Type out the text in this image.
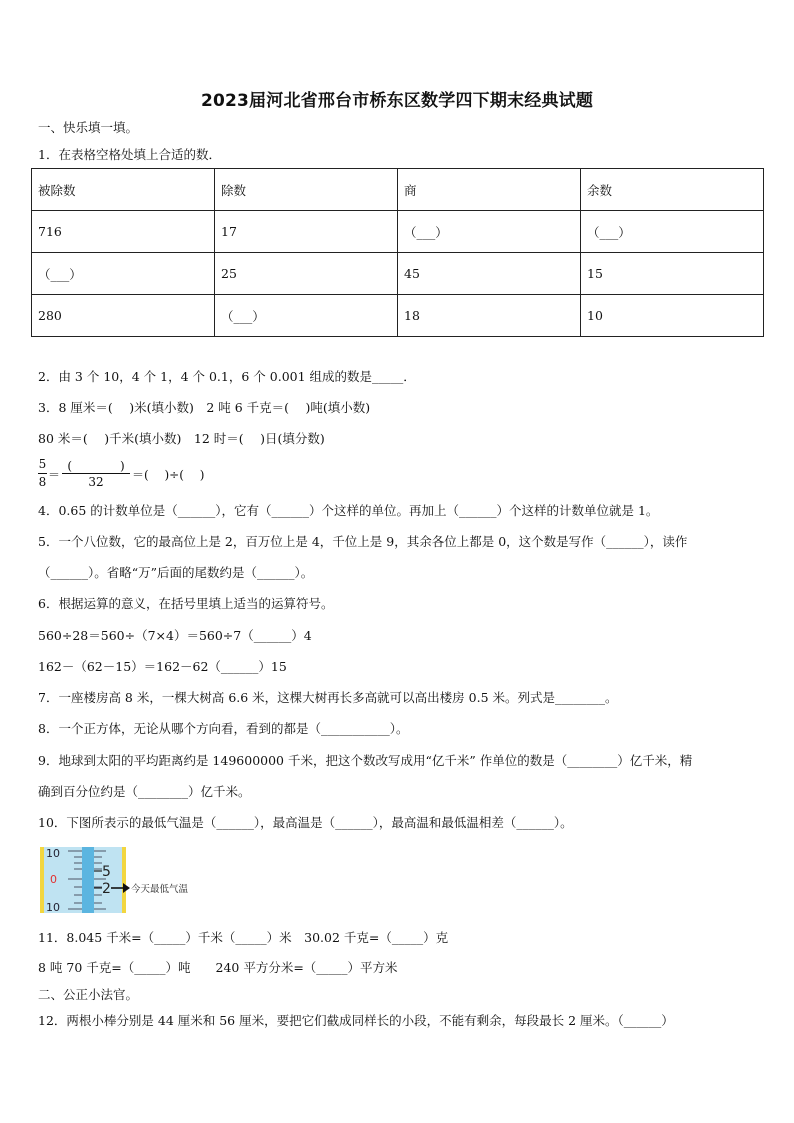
2023届河北省邢台市桥东区数学四下期末经典试题
一、快乐填一填。
1．在表格空格处填上合适的数．
被除数	除数	商	余数
716	17	（___）	（___）
（___）	25	45	15
280	（___）	18	10
2．由 3 个 10，4 个 1，4 个 0.1，6 个 0.001 组成的数是_____．
3．8 厘米＝(　 )米(填小数)　2 吨 6 千克＝(　 )吨(填小数)
80 米＝(　 )千米(填小数)　12 时＝(　 )日(填分数)
5
8 ＝
(　　　　)
32	＝(　 )÷(　 )
4．0.65 的计数单位是（______），它有（______）个这样的单位。再加上（______）个这样的计数单位就是 1。
5．一个八位数，它的最高位上是 2，百万位上是 4，千位上是 9，其余各位上都是 0，这个数是写作（______），读作
（______）。省略“万”后面的尾数约是（______）。
6．根据运算的意义，在括号里填上适当的运算符号。
560÷28＝560÷（7×4）＝560÷7（______）4
162－（62－15）＝162－62（______）15
7．一座楼房高 8 米，一棵大树高 6.6 米，这棵大树再长多高就可以高出楼房 0.5 米。列式是________。
8．一个正方体，无论从哪个方向看，看到的都是（___________）。
9．地球到太阳的平均距离约是 149600000 千米，把这个数改写成用“亿千米” 作单位的数是（________）亿千米，精
确到百分位约是（________）亿千米。
10．下图所表示的最低气温是（______），最高温是（______），最高温和最低温相差（______）。
10
0
10
5
2 今天最低气温
11．8.045 千米=（_____）千米（_____）米　30.02 千克=（_____）克
8 吨 70 千克=（_____）吨　　240 平方分米=（_____）平方米
二、公正小法官。
12．两根小棒分别是 44 厘米和 56 厘米，要把它们截成同样长的小段，不能有剩余，每段最长 2 厘米。（______）
